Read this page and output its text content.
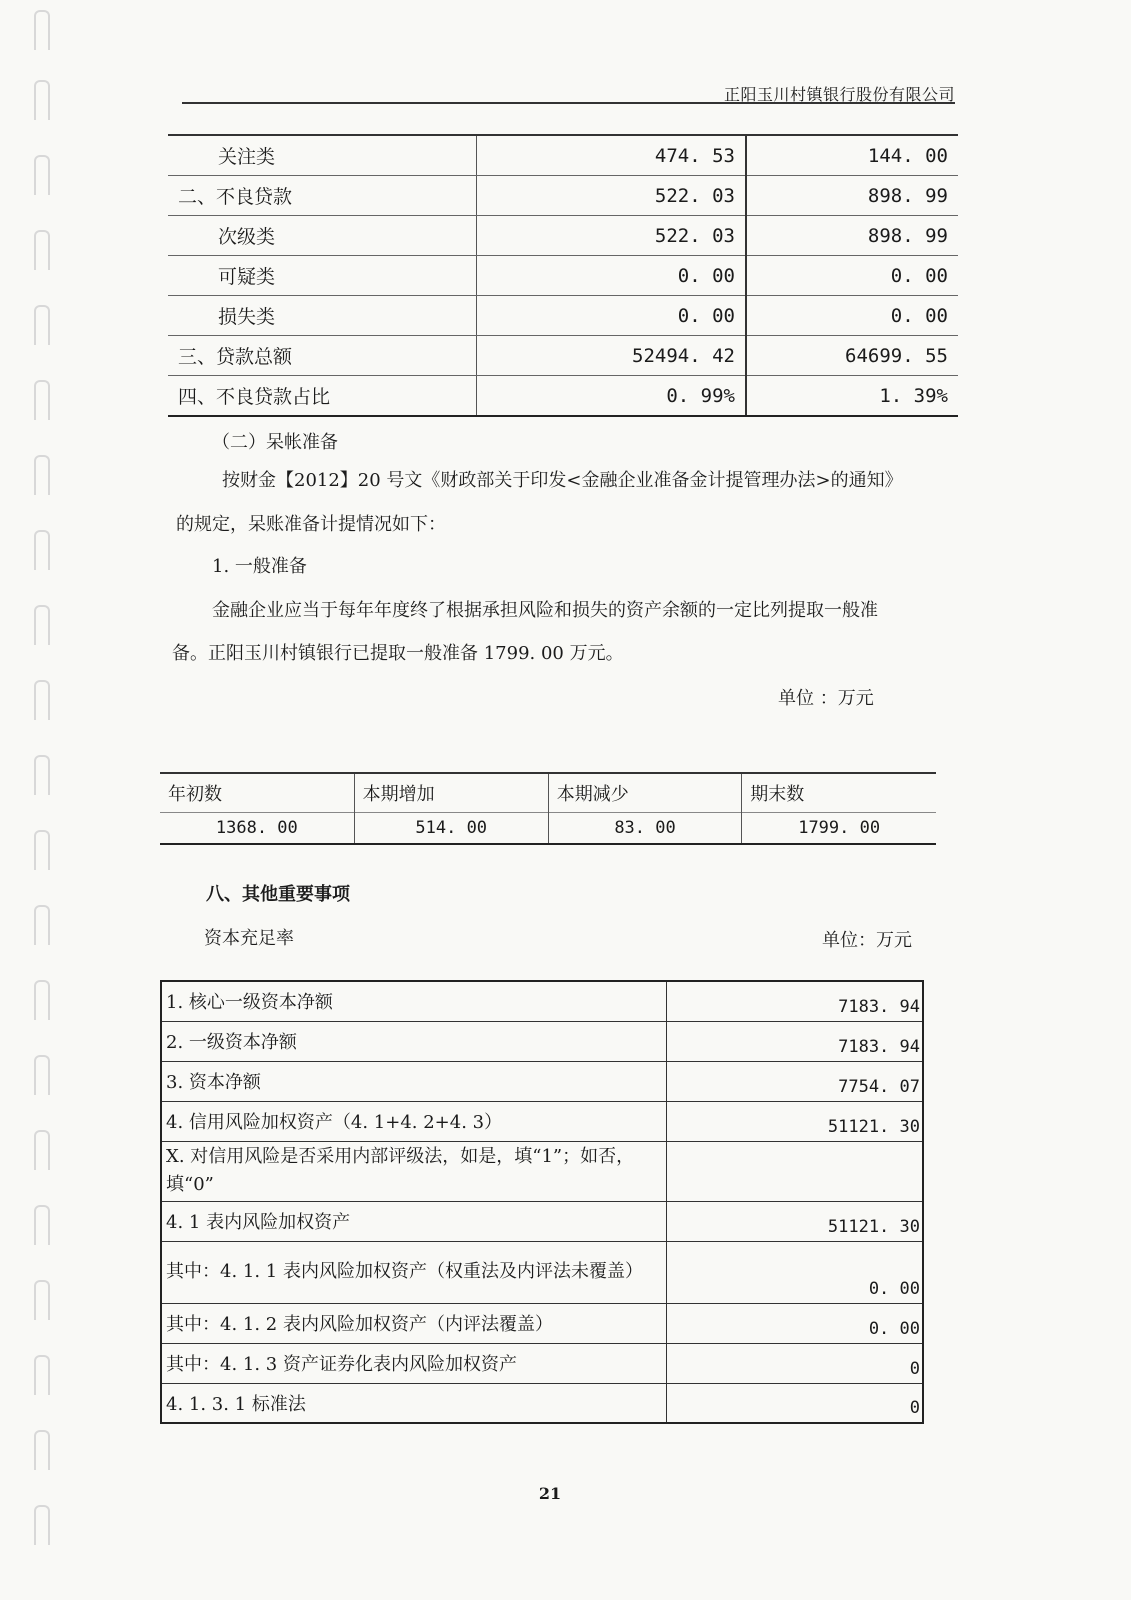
正阳玉川村镇银行股份有限公司
关注类	474. 53	144. 00
二、不良贷款	522. 03	898. 99
次级类	522. 03	898. 99
可疑类	0. 00	0. 00
损失类	0. 00	0. 00
三、贷款总额	52494. 42	64699. 55
四、不良贷款占比	0. 99%	1. 39%
（二）呆帐准备
按财金【2012】20 号文《财政部关于印发<金融企业准备金计提管理办法>的通知》
的规定，呆账准备计提情况如下：
1. 一般准备
金融企业应当于每年年度终了根据承担风险和损失的资产余额的一定比列提取一般准
备。正阳玉川村镇银行已提取一般准备 1799. 00 万元。
单位 ：万元
年初数	本期增加	本期减少	期末数
1368. 00	514. 00	83. 00	1799. 00
八、其他重要事项
资本充足率	单位：万元
1. 核心一级资本净额	7183. 94
2. 一级资本净额	7183. 94
3. 资本净额	7754. 07
4. 信用风险加权资产（4. 1+4. 2+4. 3）	51121. 30
X. 对信用风险是否采用内部评级法，如是，填“1”；如否，填“0”	
4. 1 表内风险加权资产	51121. 30
其中：4. 1. 1 表内风险加权资产（权重法及内评法未覆盖）	0. 00
其中：4. 1. 2 表内风险加权资产（内评法覆盖）	0. 00
其中：4. 1. 3 资产证券化表内风险加权资产	0
4. 1. 3. 1 标准法	0
21
